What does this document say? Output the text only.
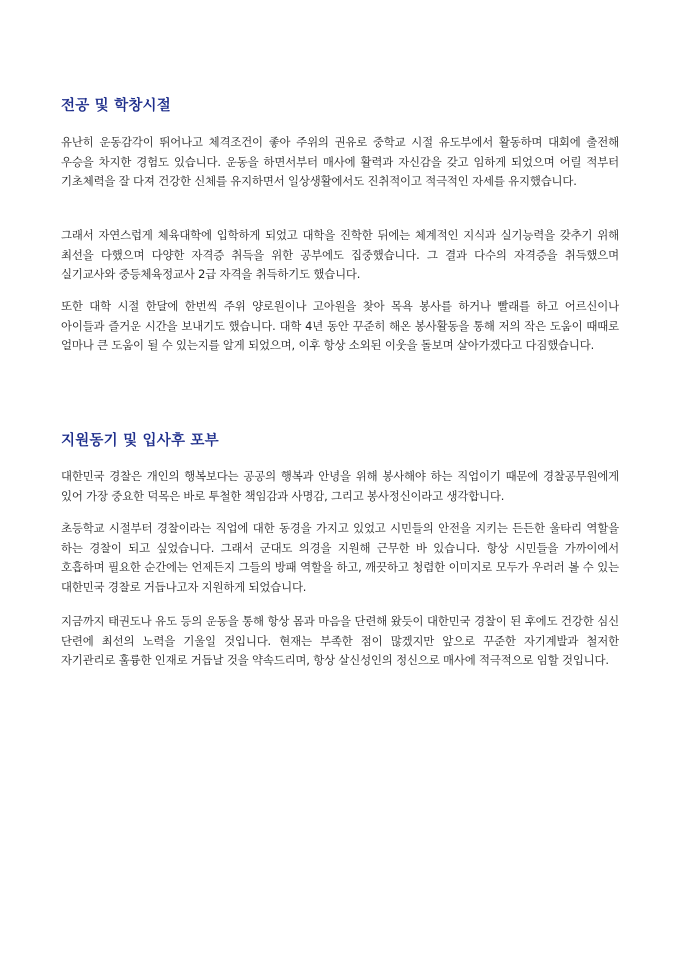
전공 및 학창시절

유난히 운동감각이 뛰어나고 체격조건이 좋아 주위의 권유로 중학교 시절 유도부에서 활동하며 대회에 출전해 우승을 차지한 경험도 있습니다. 운동을 하면서부터 매사에 활력과 자신감을 갖고 임하게 되었으며 어릴 적부터 기초체력을 잘 다져 건강한 신체를 유지하면서 일상생활에서도 진취적이고 적극적인 자세를 유지했습니다.

그래서 자연스럽게 체육대학에 입학하게 되었고 대학을 진학한 뒤에는 체계적인 지식과 실기능력을 갖추기 위해 최선을 다했으며 다양한 자격증 취득을 위한 공부에도 집중했습니다. 그 결과 다수의 자격증을 취득했으며 실기교사와 중등체육정교사 2급 자격을 취득하기도 했습니다.

또한 대학 시절 한달에 한번씩 주위 양로원이나 고아원을 찾아 목욕 봉사를 하거나 빨래를 하고 어르신이나 아이들과 즐거운 시간을 보내기도 했습니다. 대학 4년 동안 꾸준히 해온 봉사활동을 통해 저의 작은 도움이 때때로 얼마나 큰 도움이 될 수 있는지를 알게 되었으며, 이후 항상 소외된 이웃을 돌보며 살아가겠다고 다짐했습니다.

지원동기 및 입사후 포부

대한민국 경찰은 개인의 행복보다는 공공의 행복과 안녕을 위해 봉사해야 하는 직업이기 때문에 경찰공무원에게 있어 가장 중요한 덕목은 바로 투철한 책임감과 사명감, 그리고 봉사정신이라고 생각합니다.

초등학교 시절부터 경찰이라는 직업에 대한 동경을 가지고 있었고 시민들의 안전을 지키는 든든한 울타리 역할을 하는 경찰이 되고 싶었습니다. 그래서 군대도 의경을 지원해 근무한 바 있습니다. 항상 시민들을 가까이에서 호흡하며 필요한 순간에는 언제든지 그들의 방패 역할을 하고, 깨끗하고 청렴한 이미지로 모두가 우러러 볼 수 있는 대한민국 경찰로 거듭나고자 지원하게 되었습니다.

지금까지 태권도나 유도 등의 운동을 통해 항상 몸과 마음을 단련해 왔듯이 대한민국 경찰이 된 후에도 건강한 심신 단련에 최선의 노력을 기울일 것입니다. 현재는 부족한 점이 많겠지만 앞으로 꾸준한 자기계발과 철저한 자기관리로 훌륭한 인재로 거듭날 것을 약속드리며, 항상 살신성인의 정신으로 매사에 적극적으로 임할 것입니다.
